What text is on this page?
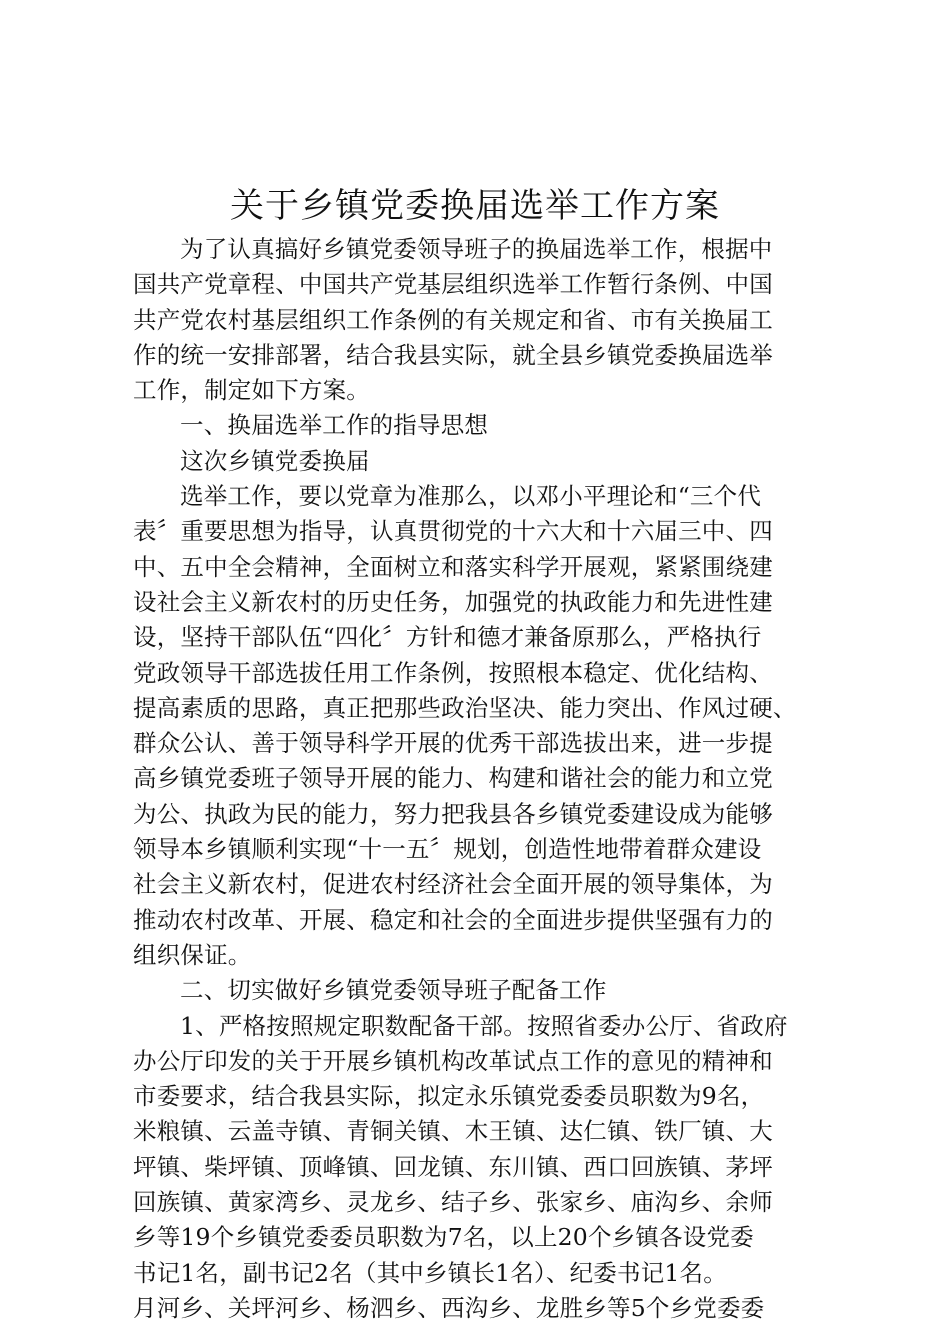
关于乡镇党委换届选举工作方案
为了认真搞好乡镇党委领导班子的换届选举工作，根据中
国共产党章程、中国共产党基层组织选举工作暂行条例、中国
共产党农村基层组织工作条例的有关规定和省、市有关换届工
作的统一安排部署，结合我县实际，就全县乡镇党委换届选举
工作，制定如下方案。
一、换届选举工作的指导思想
这次乡镇党委换届
选举工作，要以党章为准那么，以邓小平理论和“三个代
表〞重要思想为指导，认真贯彻党的十六大和十六届三中、四
中、五中全会精神，全面树立和落实科学开展观，紧紧围绕建
设社会主义新农村的历史任务，加强党的执政能力和先进性建
设，坚持干部队伍“四化〞方针和德才兼备原那么，严格执行
党政领导干部选拔任用工作条例，按照根本稳定、优化结构、
提高素质的思路，真正把那些政治坚决、能力突出、作风过硬、
群众公认、善于领导科学开展的优秀干部选拔出来，进一步提
高乡镇党委班子领导开展的能力、构建和谐社会的能力和立党
为公、执政为民的能力，努力把我县各乡镇党委建设成为能够
领导本乡镇顺利实现“十一五〞规划，创造性地带着群众建设
社会主义新农村，促进农村经济社会全面开展的领导集体，为
推动农村改革、开展、稳定和社会的全面进步提供坚强有力的
组织保证。
二、切实做好乡镇党委领导班子配备工作
1、严格按照规定职数配备干部。按照省委办公厅、省政府
办公厅印发的关于开展乡镇机构改革试点工作的意见的精神和
市委要求，结合我县实际，拟定永乐镇党委委员职数为9名，
米粮镇、云盖寺镇、青铜关镇、木王镇、达仁镇、铁厂镇、大
坪镇、柴坪镇、顶峰镇、回龙镇、东川镇、西口回族镇、茅坪
回族镇、黄家湾乡、灵龙乡、结子乡、张家乡、庙沟乡、余师
乡等19个乡镇党委委员职数为7名，以上20个乡镇各设党委
书记1名，副书记2名（其中乡镇长1名）、纪委书记1名。
月河乡、关坪河乡、杨泗乡、西沟乡、龙胜乡等5个乡党委委
